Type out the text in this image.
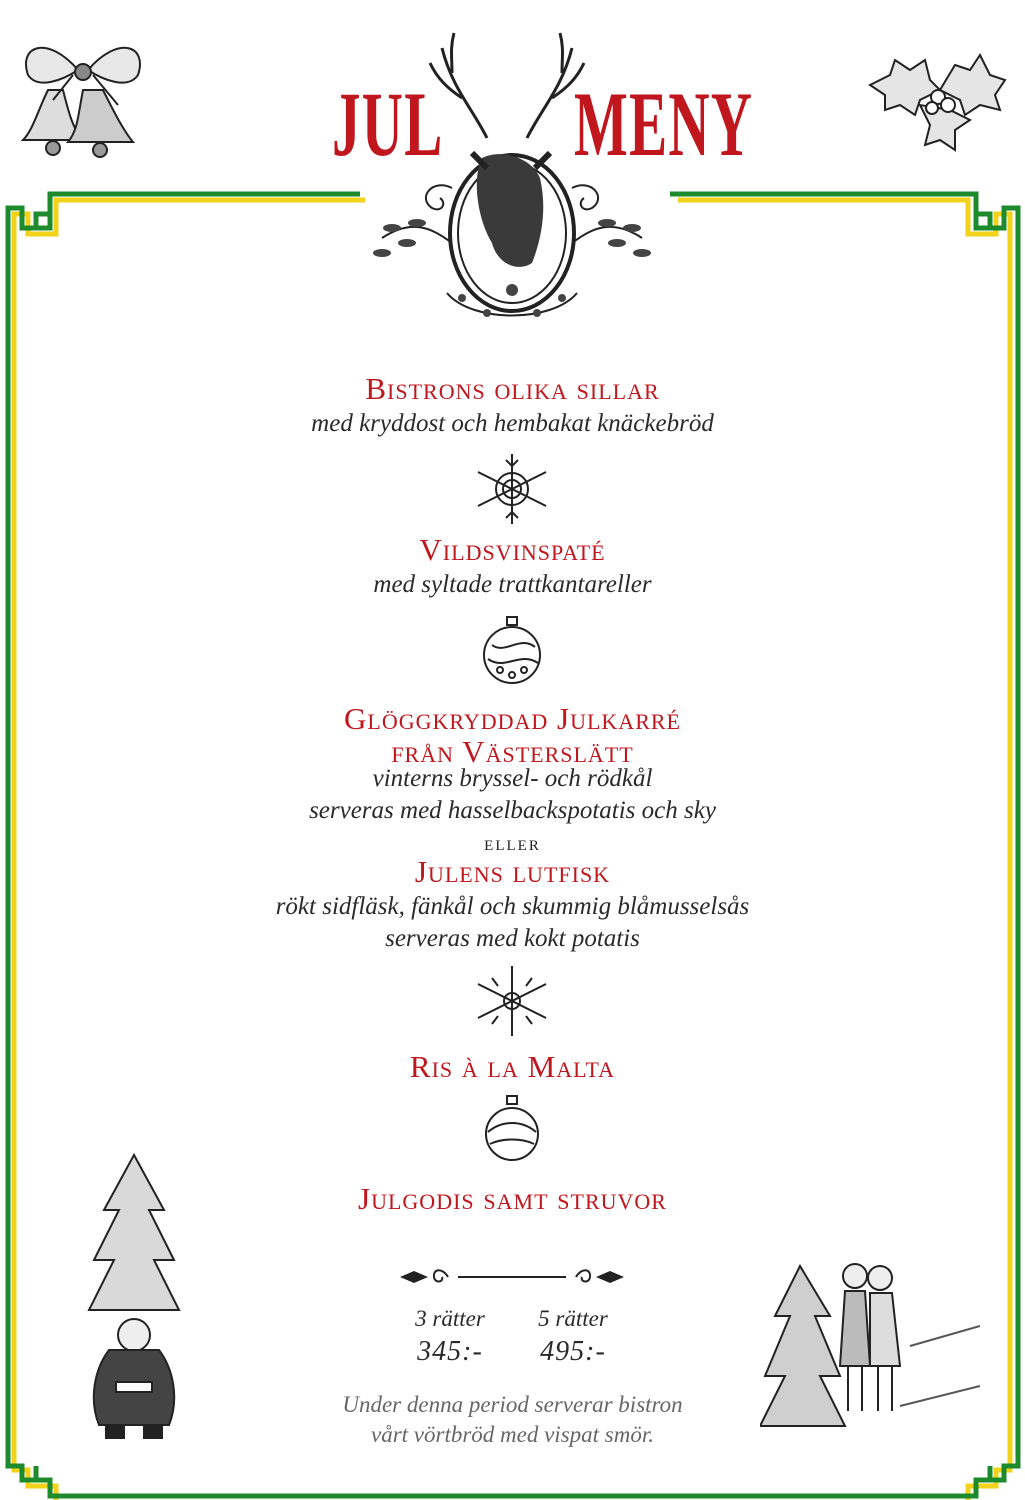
JUL MENY
Bistrons olika sillar
med kryddost och hembakat knäckebröd
Vildsvinspaté
med syltade trattkantareller
Glöggkryddad Julkarré
från Västerslätt
vinterns bryssel- och rödkål
serveras med hasselbackspotatis och sky
eller
Julens lutfisk
rökt sidfläsk, fänkål och skummig blåmusselsås
serveras med kokt potatis
Ris à la Malta
Julgodis samt struvor
3 rätter
345:-
5 rätter
495:-
Under denna period serverar bistron
vårt vörtbröd med vispat smör.
